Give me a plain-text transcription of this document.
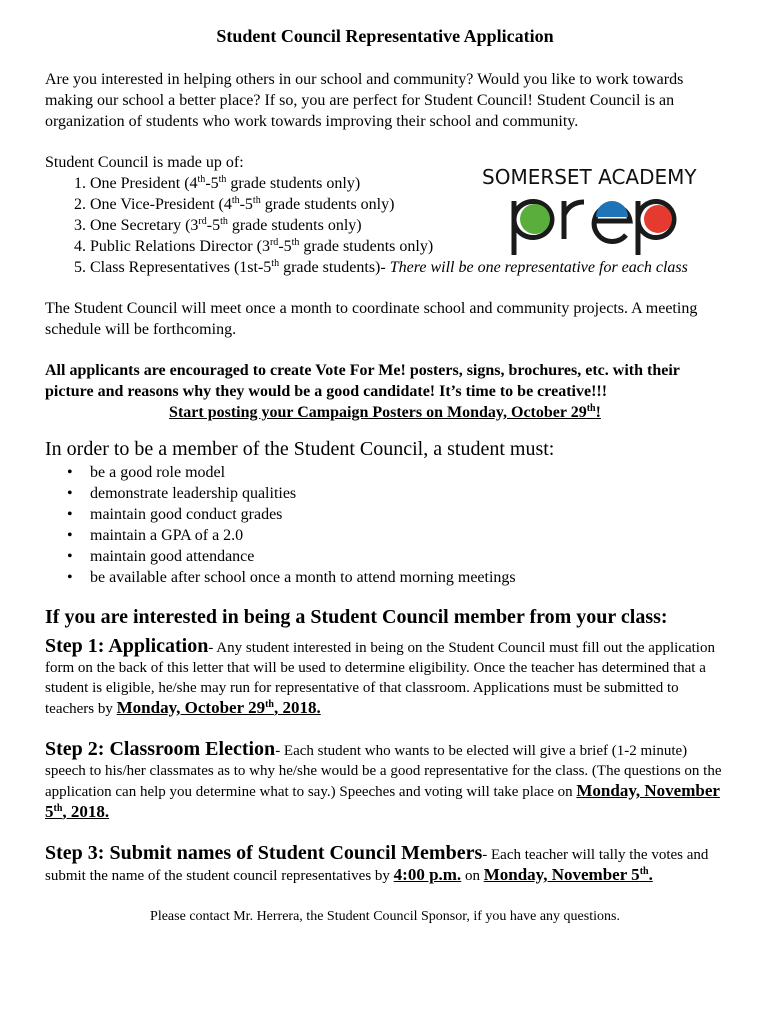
Student Council Representative Application

Are you interested in helping others in our school and community? Would you like to work towards making our school a better place? If so, you are perfect for Student Council! Student Council is an organization of students who work towards improving their school and community.

Student Council is made up of:

1. One President (4th-5th grade students only)
2. One Vice-President (4th-5th grade students only)
3. One Secretary (3rd-5th grade students only)
4. Public Relations Director (3rd-5th grade students only)
5. Class Representatives (1st-5th grade students)- There will be one representative for each class

The Student Council will meet once a month to coordinate school and community projects. A meeting schedule will be forthcoming.

All applicants are encouraged to create Vote For Me! posters, signs, brochures, etc. with their picture and reasons why they would be a good candidate! It’s time to be creative!!!

Start posting your Campaign Posters on Monday, October 29th!

In order to be a member of the Student Council, a student must:

• be a good role model
• demonstrate leadership qualities
• maintain good conduct grades
• maintain a GPA of a 2.0
• maintain good attendance
• be available after school once a month to attend morning meetings

If you are interested in being a Student Council member from your class:

Step 1: Application- Any student interested in being on the Student Council must fill out the application form on the back of this letter that will be used to determine eligibility. Once the teacher has determined that a student is eligible, he/she may run for representative of that classroom. Applications must be submitted to teachers by Monday, October 29th, 2018.

Step 2: Classroom Election- Each student who wants to be elected will give a brief (1-2 minute) speech to his/her classmates as to why he/she would be a good representative for the class. (The questions on the application can help you determine what to say.) Speeches and voting will take place on Monday, November 5th, 2018.

Step 3: Submit names of Student Council Members- Each teacher will tally the votes and submit the name of the student council representatives by 4:00 p.m. on Monday, November 5th.

Please contact Mr. Herrera, the Student Council Sponsor, if you have any questions.

SOMERSET ACADEMY
